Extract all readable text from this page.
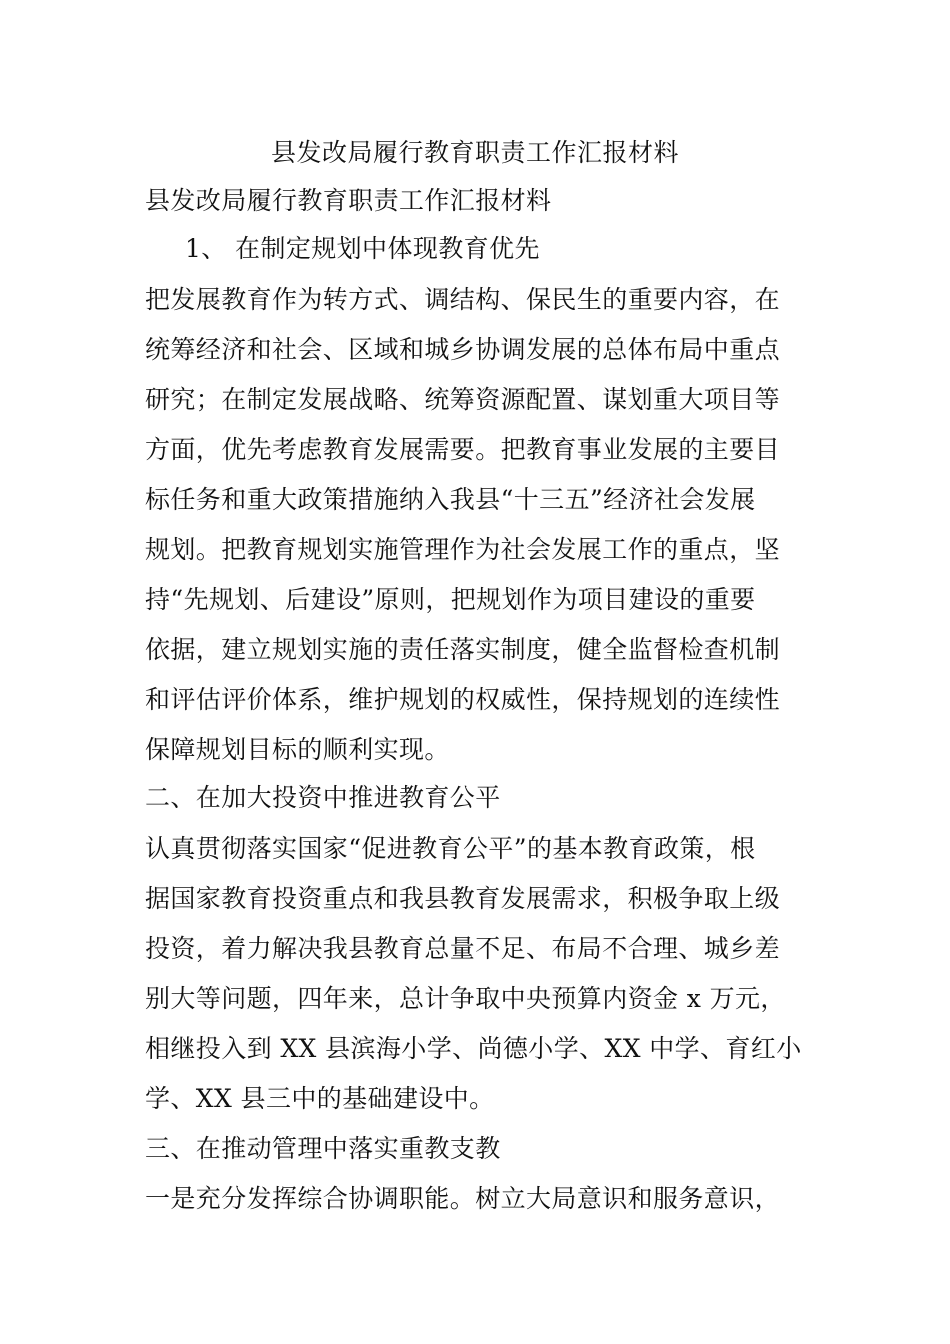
县发改局履行教育职责工作汇报材料
县发改局履行教育职责工作汇报材料
1、 在制定规划中体现教育优先
把发展教育作为转方式、调结构、保民生的重要内容，在
统筹经济和社会、区域和城乡协调发展的总体布局中重点
研究；在制定发展战略、统筹资源配置、谋划重大项目等
方面，优先考虑教育发展需要。把教育事业发展的主要目
标任务和重大政策措施纳入我县“十三五”经济社会发展
规划。把教育规划实施管理作为社会发展工作的重点，坚
持“先规划、后建设”原则，把规划作为项目建设的重要
依据，建立规划实施的责任落实制度，健全监督检查机制
和评估评价体系，维护规划的权威性，保持规划的连续性
保障规划目标的顺利实现。
二、在加大投资中推进教育公平
认真贯彻落实国家“促进教育公平”的基本教育政策，根
据国家教育投资重点和我县教育发展需求，积极争取上级
投资，着力解决我县教育总量不足、布局不合理、城乡差
别大等问题，四年来，总计争取中央预算内资金 x 万元，
相继投入到 XX 县滨海小学、尚德小学、XX 中学、育红小
学、XX 县三中的基础建设中。
三、在推动管理中落实重教支教
一是充分发挥综合协调职能。树立大局意识和服务意识，
